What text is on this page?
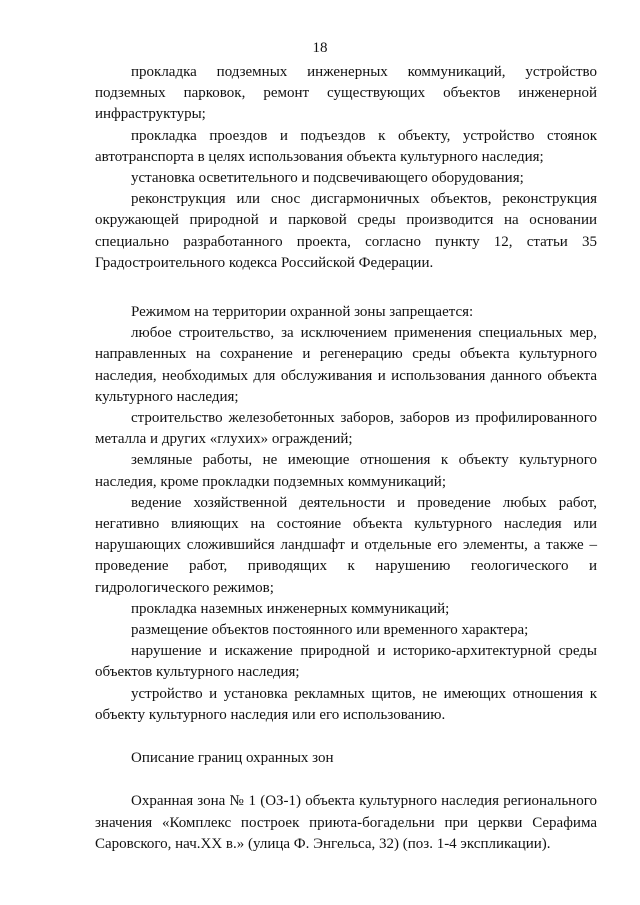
18

прокладка подземных инженерных коммуникаций, устройство подземных парковок, ремонт существующих объектов инженерной инфраструктуры;

прокладка проездов и подъездов к объекту, устройство стоянок автотранспорта в целях использования объекта культурного наследия;

установка осветительного и подсвечивающего оборудования;

реконструкция или снос дисгармоничных объектов, реконструкция окружающей природной и парковой среды производится на основании специально разработанного проекта, согласно пункту 12, статьи 35 Градостроительного кодекса Российской Федерации.

Режимом на территории охранной зоны запрещается:

любое строительство, за исключением применения специальных мер, направленных на сохранение и регенерацию среды объекта культурного наследия, необходимых для обслуживания и использования данного объекта культурного наследия;

строительство железобетонных заборов, заборов из профилированного металла и других «глухих» ограждений;

земляные работы, не имеющие отношения к объекту культурного наследия, кроме прокладки подземных коммуникаций;

ведение хозяйственной деятельности и проведение любых работ, негативно влияющих на состояние объекта культурного наследия или нарушающих сложившийся ландшафт и отдельные его элементы, а также – проведение работ, приводящих к нарушению геологического и гидрологического режимов;

прокладка наземных инженерных коммуникаций;

размещение объектов постоянного или временного характера;

нарушение и искажение природной и историко-архитектурной среды объектов культурного наследия;

устройство и установка рекламных щитов, не имеющих отношения к объекту культурного наследия или его использованию.

Описание границ охранных зон

Охранная зона № 1 (ОЗ-1) объекта культурного наследия регионального значения «Комплекс построек приюта-богадельни при церкви Серафима Саровского, нач.XX в.» (улица Ф. Энгельса, 32) (поз. 1-4 экспликации).
